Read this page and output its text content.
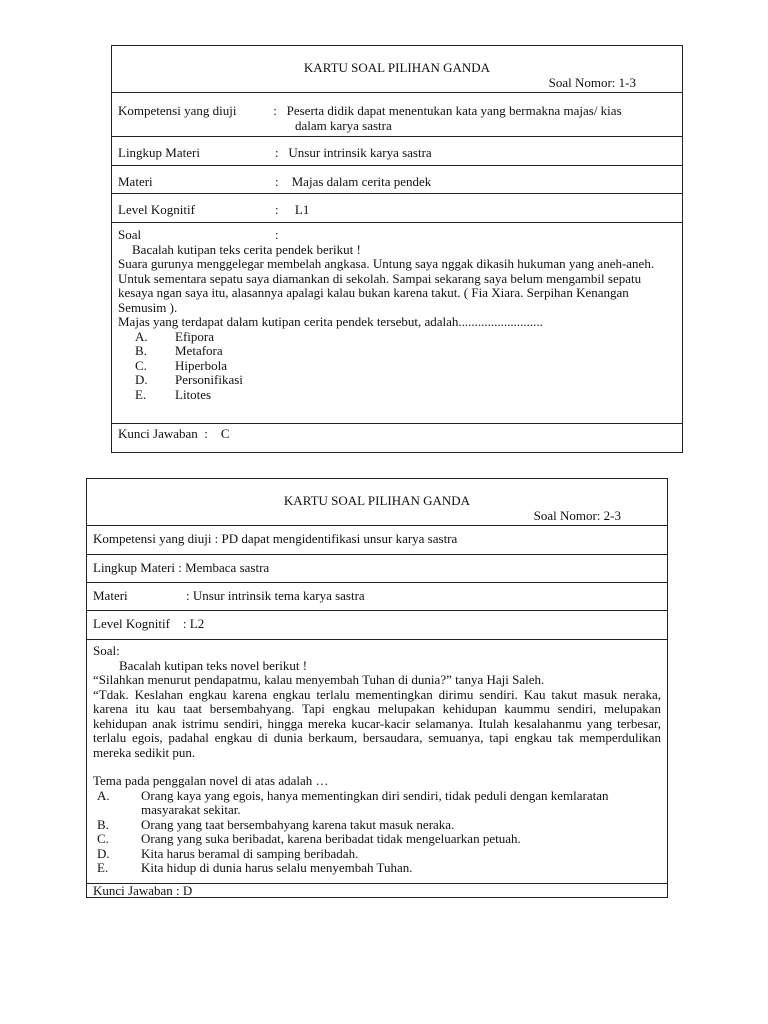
KARTU SOAL PILIHAN GANDA
Soal Nomor: 1-3
Kompetensi yang diuji	:   Peserta didik dapat menentukan kata yang bermakna majas/ kias
dalam karya sastra
Lingkup Materi	:   Unsur intrinsik karya sastra
Materi	:    Majas dalam cerita pendek
Level Kognitif	:     L1
Soal	:
Bacalah kutipan teks cerita pendek berikut !
Suara gurunya menggelegar membelah angkasa. Untung saya nggak dikasih hukuman yang aneh-aneh. Untuk sementara sepatu saya diamankan di sekolah. Sampai sekarang saya belum mengambil sepatu kesaya ngan saya itu, alasannya apalagi kalau bukan karena takut. ( Fia Xiara. Serpihan Kenangan Semusim ).
Majas yang terdapat dalam kutipan cerita pendek tersebut, adalah..........................
A. Efipora
B. Metafora
C. Hiperbola
D. Personifikasi
E. Litotes
Kunci Jawaban  :    C
KARTU SOAL PILIHAN GANDA
Soal Nomor: 2-3
Kompetensi yang diuji : PD dapat mengidentifikasi unsur karya sastra
Lingkup Materi : Membaca sastra
Materi	: Unsur intrinsik tema karya sastra
Level Kognitif    : L2
Soal:
Bacalah kutipan teks novel berikut !
“Silahkan menurut pendapatmu, kalau menyembah Tuhan di dunia?” tanya Haji Saleh.
“Tdak. Keslahan engkau karena engkau terlalu mementingkan dirimu sendiri. Kau takut masuk neraka, karena itu kau taat bersembahyang. Tapi engkau melupakan kehidupan kaummu sendiri, melupakan kehidupan anak istrimu sendiri, hingga mereka kucar-kacir selamanya. Itulah kesalahanmu yang terbesar, terlalu egois, padahal engkau di dunia berkaum, bersaudara, semuanya, tapi engkau tak memperdulikan mereka sedikit pun.
Tema pada penggalan novel di atas adalah …
A. Orang kaya yang egois, hanya mementingkan diri sendiri, tidak peduli dengan kemlaratan masyarakat sekitar.
B. Orang yang taat bersembahyang karena takut masuk neraka.
C. Orang yang suka beribadat, karena beribadat tidak mengeluarkan petuah.
D. Kita harus beramal di samping beribadah.
E.	Kita hidup di dunia harus selalu menyembah Tuhan.
Kunci Jawaban : D
